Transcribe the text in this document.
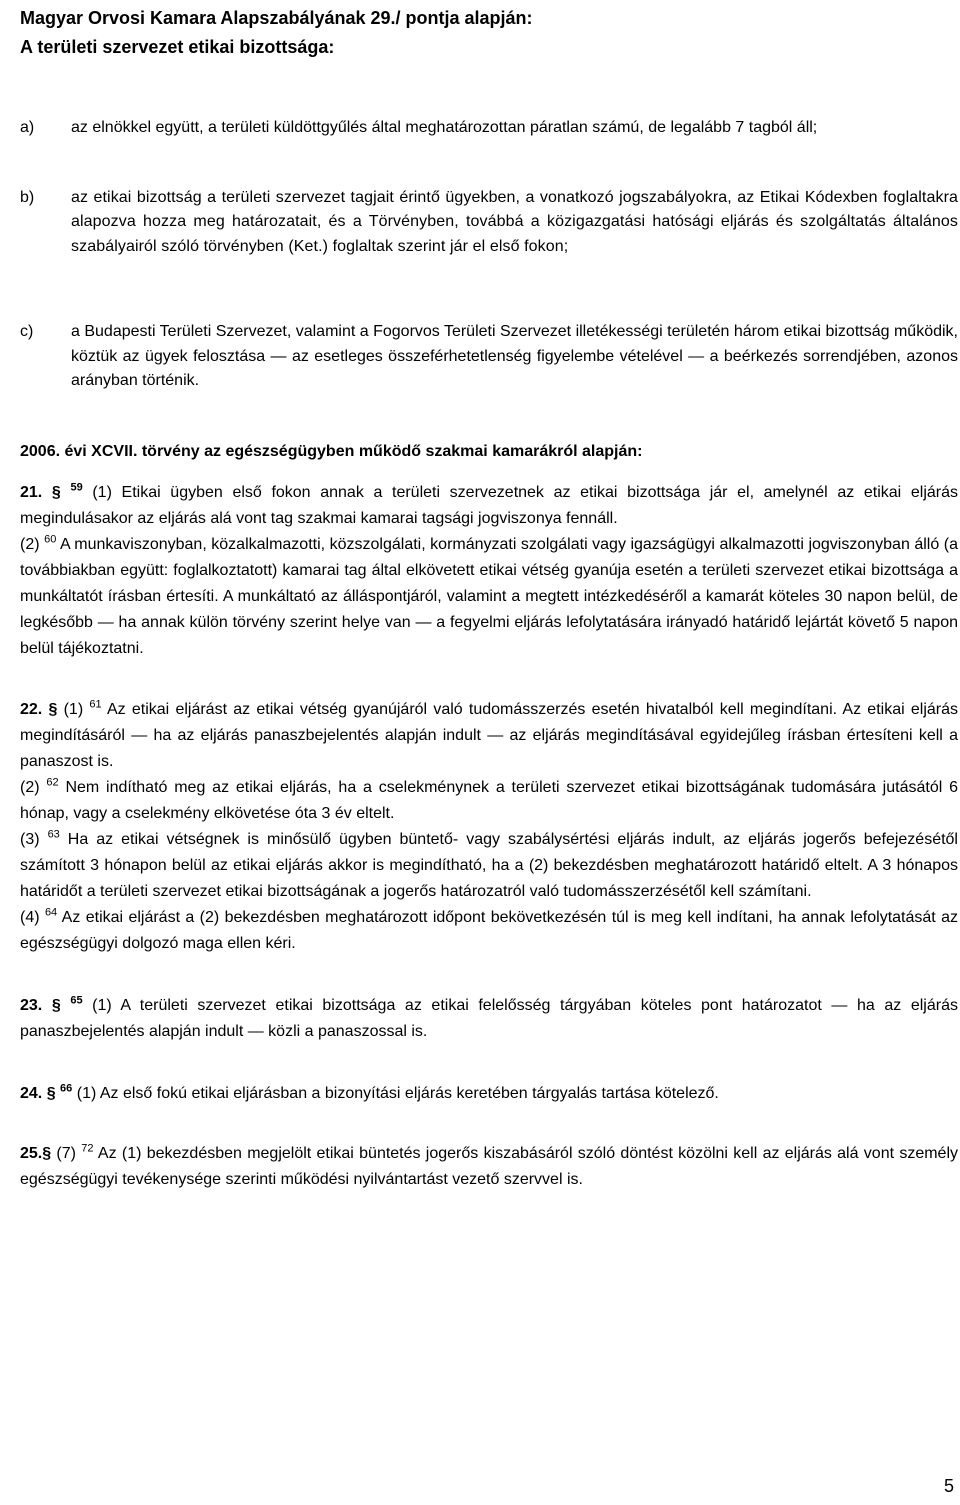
Magyar Orvosi Kamara Alapszabályának 29./ pontja alapján:

A területi szervezet etikai bizottsága:

a)	az elnökkel együtt, a területi küldöttgyűlés által meghatározottan páratlan számú, de legalább 7 tagból áll;
b)	az etikai bizottság a területi szervezet tagjait érintő ügyekben, a vonatkozó jogszabályokra, az Etikai Kódexben foglaltakra alapozva hozza meg határozatait, és a Törvényben, továbbá a közigazgatási hatósági eljárás és szolgáltatás általános szabályairól szóló törvényben (Ket.) foglaltak szerint jár el első fokon;
c)	a Budapesti Területi Szervezet, valamint a Fogorvos Területi Szervezet illetékességi területén három etikai bizottság működik, köztük az ügyek felosztása — az esetleges összeférhetetlenség figyelembe vételével — a beérkezés sorrendjében, azonos arányban történik.

2006. évi XCVII. törvény az egészségügyben működő szakmai kamarákról alapján:

21. § $^{59}$ (1) Etikai ügyben első fokon annak a területi szervezetnek az etikai bizottsága jár el, amelynél az etikai eljárás megindulásakor az eljárás alá vont tag szakmai kamarai tagsági jogviszonya fennáll.
(2) $^{60}$ A munkaviszonyban, közalkalmazotti, közszolgálati, kormányzati szolgálati vagy igazságügyi alkalmazotti jogviszonyban álló (a továbbiakban együtt: foglalkoztatott) kamarai tag által elkövetett etikai vétség gyanúja esetén a területi szervezet etikai bizottsága a munkáltatót írásban értesíti. A munkáltató az álláspontjáról, valamint a megtett intézkedéséről a kamarát köteles 30 napon belül, de legkésőbb — ha annak külön törvény szerint helye van — a fegyelmi eljárás lefolytatására irányadó határidő lejártát követő 5 napon belül tájékoztatni.

22. § (1) $^{61}$ Az etikai eljárást az etikai vétség gyanújáról való tudomásszerzés esetén hivatalból kell megindítani. Az etikai eljárás megindításáról — ha az eljárás panaszbejelentés alapján indult — az eljárás megindításával egyidejűleg írásban értesíteni kell a panaszost is.
(2) $^{62}$ Nem indítható meg az etikai eljárás, ha a cselekménynek a területi szervezet etikai bizottságának tudomására jutásától 6 hónap, vagy a cselekmény elkövetése óta 3 év eltelt.
(3) $^{63}$ Ha az etikai vétségnek is minősülő ügyben büntető- vagy szabálysértési eljárás indult, az eljárás jogerős befejezésétől számított 3 hónapon belül az etikai eljárás akkor is megindítható, ha a (2) bekezdésben meghatározott határidő eltelt. A 3 hónapos határidőt a területi szervezet etikai bizottságának a jogerős határozatról való tudomásszerzésétől kell számítani.
(4) $^{64}$ Az etikai eljárást a (2) bekezdésben meghatározott időpont bekövetkezésén túl is meg kell indítani, ha annak lefolytatását az egészségügyi dolgozó maga ellen kéri.

23. § $^{65}$ (1) A területi szervezet etikai bizottsága az etikai felelősség tárgyában köteles pont határozatot — ha az eljárás panaszbejelentés alapján indult — közli a panaszossal is.

24. § $^{66}$ (1) Az első fokú etikai eljárásban a bizonyítási eljárás keretében tárgyalás tartása kötelező.

25.§ (7) $^{72}$ Az (1) bekezdésben megjelölt etikai büntetés jogerős kiszabásáról szóló döntést közölni kell az eljárás alá vont személy egészségügyi tevékenysége szerinti működési nyilvántartást vezető szervvel is.

5
